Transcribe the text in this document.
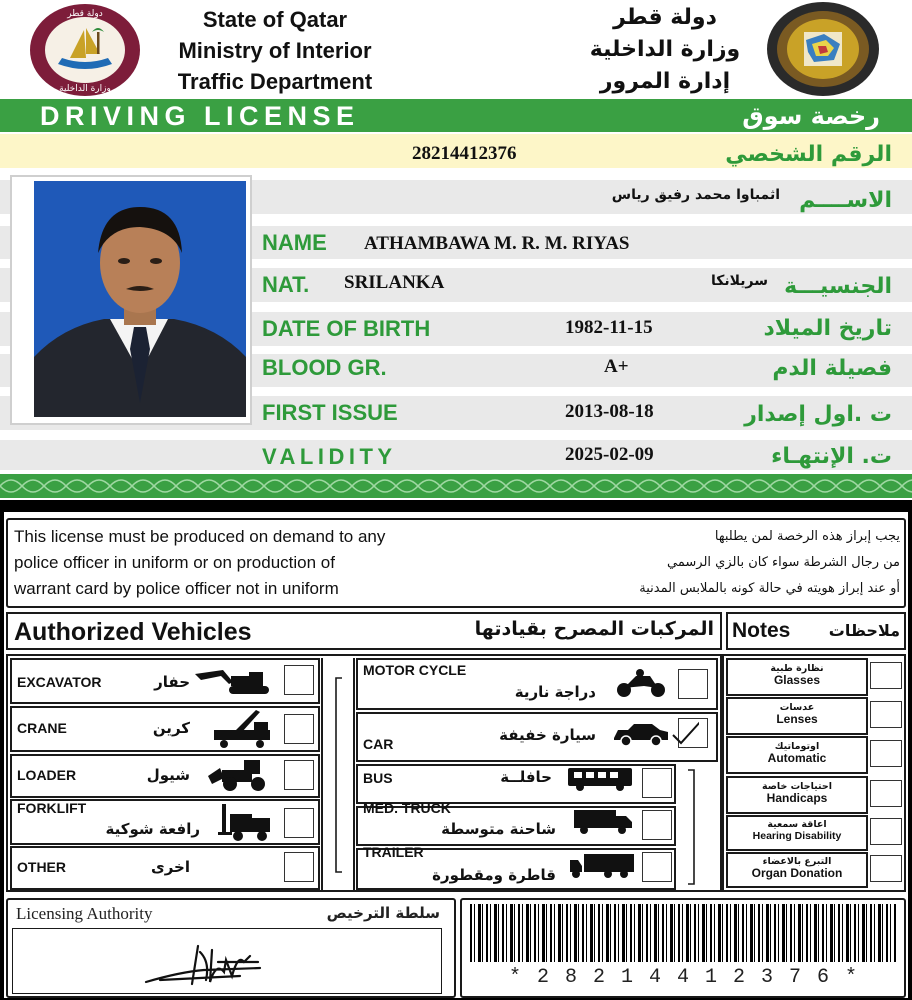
دولة قطر
وزارة الداخلية
State of Qatar
Ministry of Interior
Traffic Department
دولة قطر
وزارة الداخلية
إدارة المرور
DRIVING LICENSE	رخصة سوق
28214412376	الرقم الشخصي
اثمباوا محمد رفيق رياس الاســــم
NAME ATHAMBAWA M. R. M. RIYAS
NAT. SRILANKA	سريلانكا الجنسيـــة
DATE OF BIRTH	1982-11-15	تاريخ الميلاد
BLOOD GR.	A+	فصيلة الدم
FIRST ISSUE	2013-08-18	ت .اول إصدار
VALIDITY	2025-02-09	ت. الإنتهـاء
This license must be produced on demand to any
police officer in uniform or on production of
warrant card by police officer not in uniform
يجب إبراز هذه الرخصة لمن يطلبها
من رجال الشرطة سواء كان بالزي الرسمي
أو عند إبراز هويته في حالة كونه بالملابس المدنية
Authorized Vehicles	المركبات المصرح بقيادتها Notes	ملاحظات
EXCAVATOR	حفار
CRANE	كرين
LOADER	شيول
FORKLIFT
رافعة شوكية
OTHER	اخرى
MOTOR CYCLE
دراجة نارية
CAR	سيارة خفيفة
BUS	حافلــة
MED. TRUCK
شاحنة متوسطة
TRAILER
قاطرة ومقطورة
نظارة طبية
Glasses
عدسات
Lenses
اوتوماتيك
Automatic
احتياجات خاصة
Handicaps
اعاقة سمعية
Hearing Disability
التبرع بالاعضاء
Organ Donation
Licensing Authority	سلطة الترخيص
* 2 8 2 1 4 4 1 2 3 7 6 *
